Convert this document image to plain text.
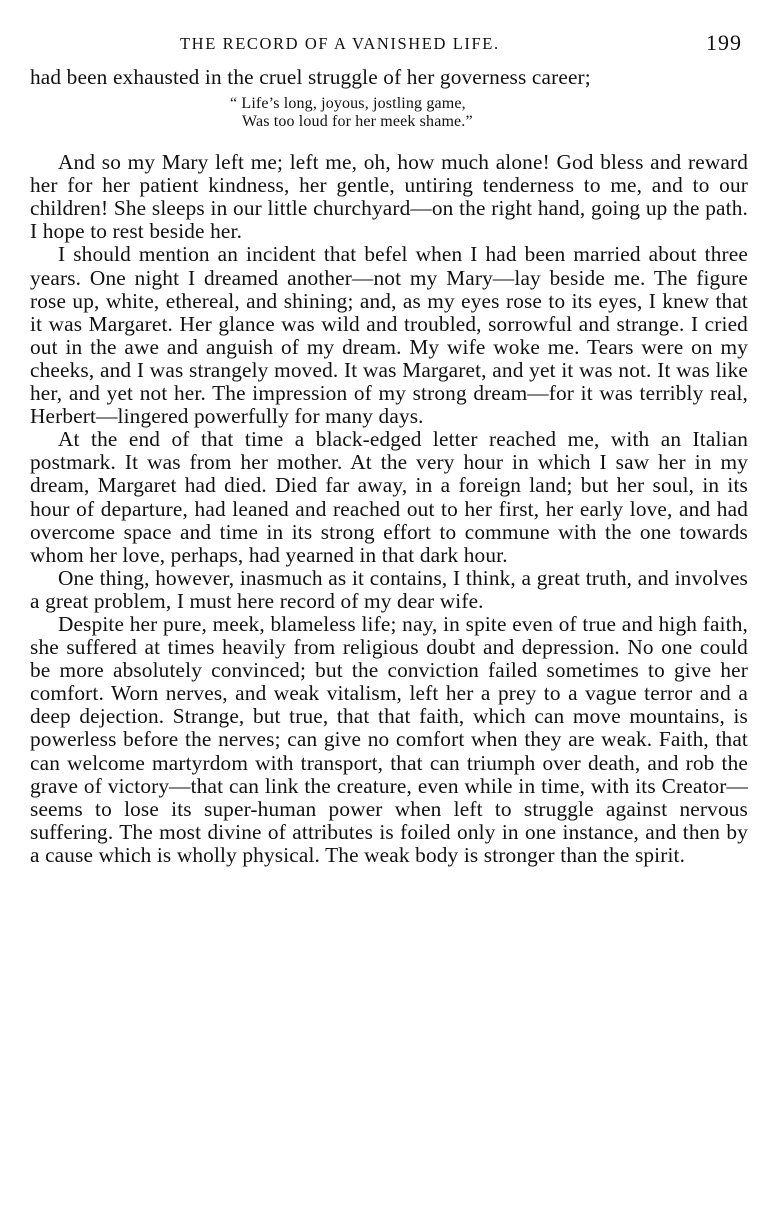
THE RECORD OF A VANISHED LIFE.	199

had been exhausted in the cruel struggle of her governess career;

“ Life’s long, joyous, jostling game,
Was too loud for her meek shame.”

And so my Mary left me; left me, oh, how much alone! God bless and reward her for her patient kindness, her gentle, untiring tenderness to me, and to our children! She sleeps in our little churchyard—on the right hand, going up the path. I hope to rest beside her.

I should mention an incident that befel when I had been married about three years. One night I dreamed another—not my Mary—lay beside me. The figure rose up, white, ethereal, and shining; and, as my eyes rose to its eyes, I knew that it was Margaret. Her glance was wild and troubled, sorrowful and strange. I cried out in the awe and anguish of my dream. My wife woke me. Tears were on my cheeks, and I was strangely moved. It was Margaret, and yet it was not. It was like her, and yet not her. The impression of my strong dream—for it was terribly real, Herbert—lingered powerfully for many days.

At the end of that time a black-edged letter reached me, with an Italian postmark. It was from her mother. At the very hour in which I saw her in my dream, Margaret had died. Died far away, in a foreign land; but her soul, in its hour of departure, had leaned and reached out to her first, her early love, and had overcome space and time in its strong effort to commune with the one towards whom her love, perhaps, had yearned in that dark hour.

One thing, however, inasmuch as it contains, I think, a great truth, and involves a great problem, I must here record of my dear wife.

Despite her pure, meek, blameless life; nay, in spite even of true and high faith, she suffered at times heavily from religious doubt and depression. No one could be more absolutely convinced; but the conviction failed sometimes to give her comfort. Worn nerves, and weak vitalism, left her a prey to a vague terror and a deep dejection. Strange, but true, that that faith, which can move mountains, is powerless before the nerves; can give no comfort when they are weak. Faith, that can welcome martyrdom with transport, that can triumph over death, and rob the grave of victory—that can link the creature, even while in time, with its Creator—seems to lose its super-human power when left to struggle against nervous suffering. The most divine of attributes is foiled only in one instance, and then by a cause which is wholly physical. The weak body is stronger than the spirit.
